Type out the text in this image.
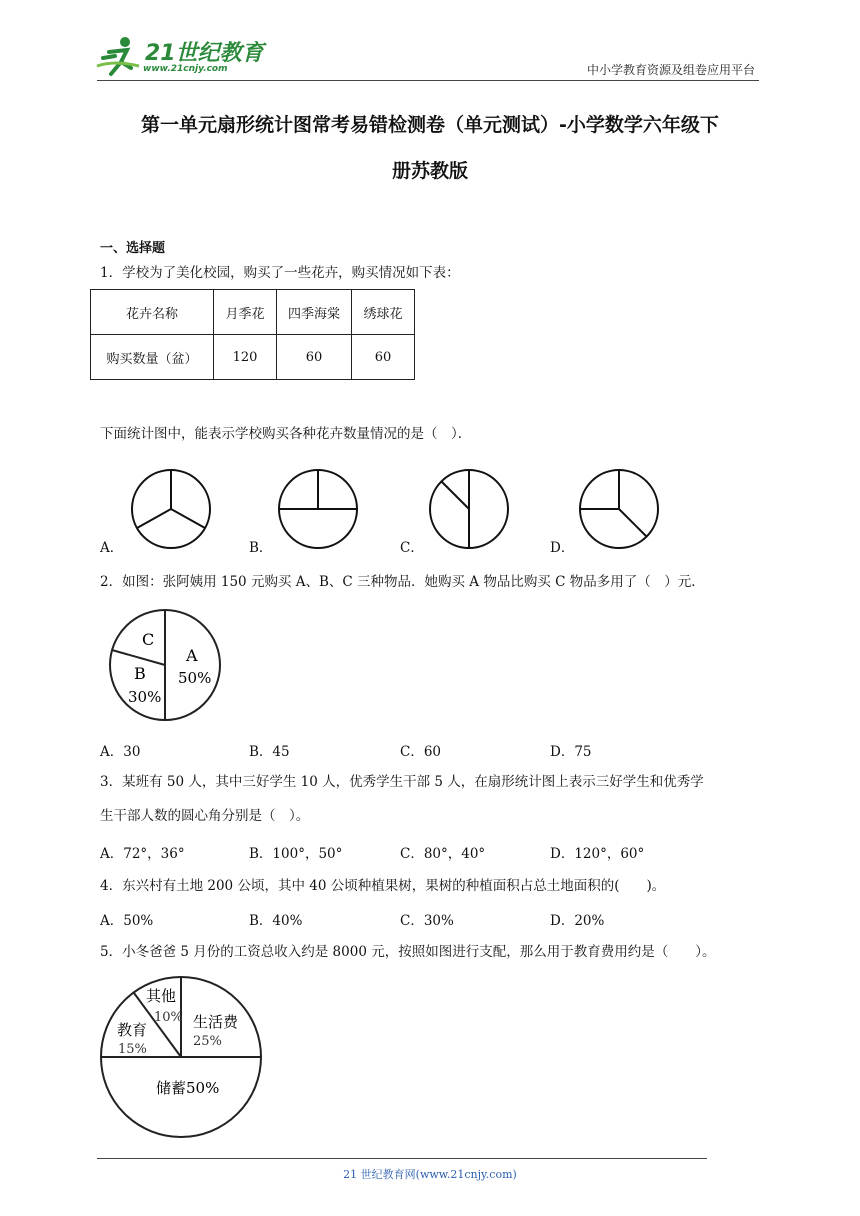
21世纪教育
www.21cnjy.com	中小学教育资源及组卷应用平台
第一单元扇形统计图常考易错检测卷（单元测试）-小学数学六年级下
册苏教版
一、选择题
1．学校为了美化校园，购买了一些花卉，购买情况如下表：
花卉名称	月季花	四季海棠	绣球花
购买数量（盆）	120	60	60
下面统计图中，能表示学校购买各种花卉数量情况的是（　）．
A．	B．	C．	D．
2．如图：张阿姨用 150 元购买 A、B、C 三种物品．她购买 A 物品比购买 C 物品多用了（　）元．
A
50%
B
30%
C
A．30	B．45	C．60	D．75
3．某班有 50 人，其中三好学生 10 人，优秀学生干部 5 人，在扇形统计图上表示三好学生和优秀学
生干部人数的圆心角分别是（　）。
A．72°，36°	B．100°，50°	C．80°，40°	D．120°，60°
4．东兴村有土地 200 公顷，其中 40 公顷种植果树，果树的种植面积占总土地面积的(　　)。
A．50%	B．40%	C．30%	D．20%
5．小冬爸爸 5 月份的工资总收入约是 8000 元，按照如图进行支配，那么用于教育费用约是（　　）。
其他
10% 生活费
25%
教育
15%
储蓄50%
21 世纪教育网(www.21cnjy.com)
